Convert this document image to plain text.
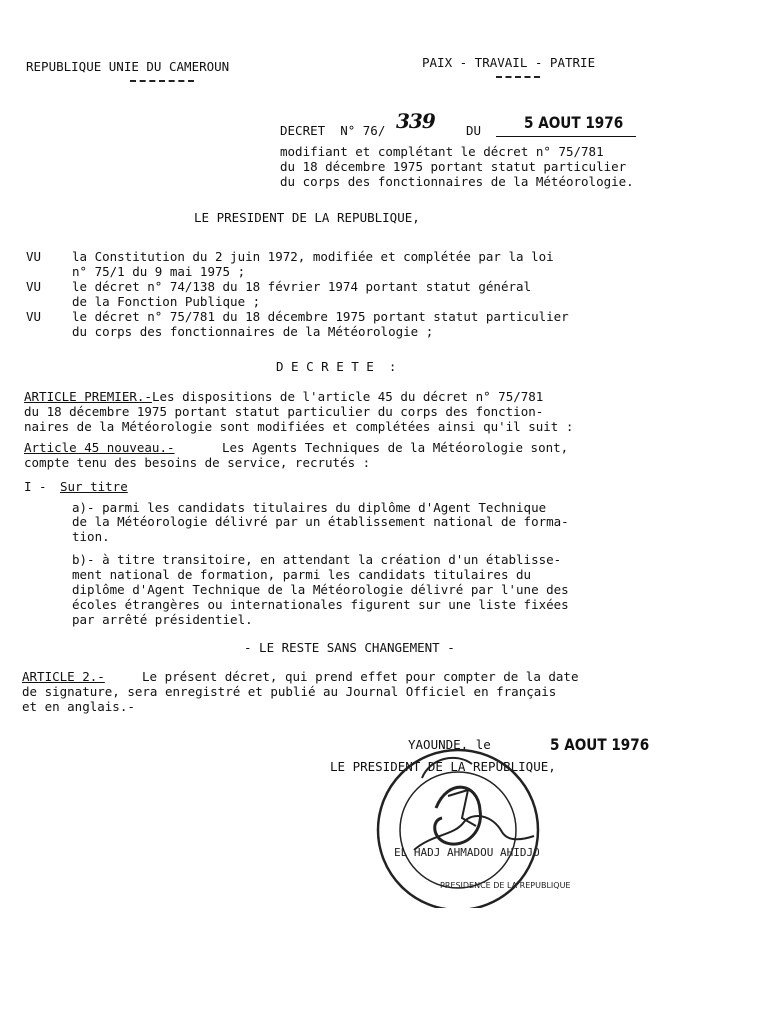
REPUBLIQUE UNIE DU CAMEROUN	PAIX - TRAVAIL - PATRIE
DECRET  N° 76/ 339	DU	5 AOUT 1976
modifiant et complétant le décret n° 75/781
du 18 décembre 1975 portant statut particulier
du corps des fonctionnaires de la Météorologie.
LE PRESIDENT DE LA REPUBLIQUE,
VU la Constitution du 2 juin 1972, modifiée et complétée par la loi
n° 75/1 du 9 mai 1975 ;
VU le décret n° 74/138 du 18 février 1974 portant statut général
de la Fonction Publique ;
VU le décret n° 75/781 du 18 décembre 1975 portant statut particulier
du corps des fonctionnaires de la Météorologie ;
D E C R E T E  :
ARTICLE PREMIER.- Les dispositions de l'article 45 du décret n° 75/781
du 18 décembre 1975 portant statut particulier du corps des fonction-
naires de la Météorologie sont modifiées et complétées ainsi qu'il suit :
Article 45 nouveau.-	Les Agents Techniques de la Météorologie sont,
compte tenu des besoins de service, recrutés :
I - Sur titre
a)- parmi les candidats titulaires du diplôme d'Agent Technique
de la Météorologie délivré par un établissement national de forma-
tion.
b)- à titre transitoire, en attendant la création d'un établisse-
ment national de formation, parmi les candidats titulaires du
diplôme d'Agent Technique de la Météorologie délivré par l'une des
écoles étrangères ou internationales figurent sur une liste fixées
par arrêté présidentiel.
- LE RESTE SANS CHANGEMENT -
ARTICLE 2.-	Le présent décret, qui prend effet pour compter de la date
de signature, sera enregistré et publié au Journal Officiel en français
et en anglais.-
YAOUNDE, le	5 AOUT 1976
LE PRESIDENT DE LA REPUBLIQUE,
EL HADJ AHMADOU AHIDJO
PRESIDENCE DE LA REPUBLIQUE
